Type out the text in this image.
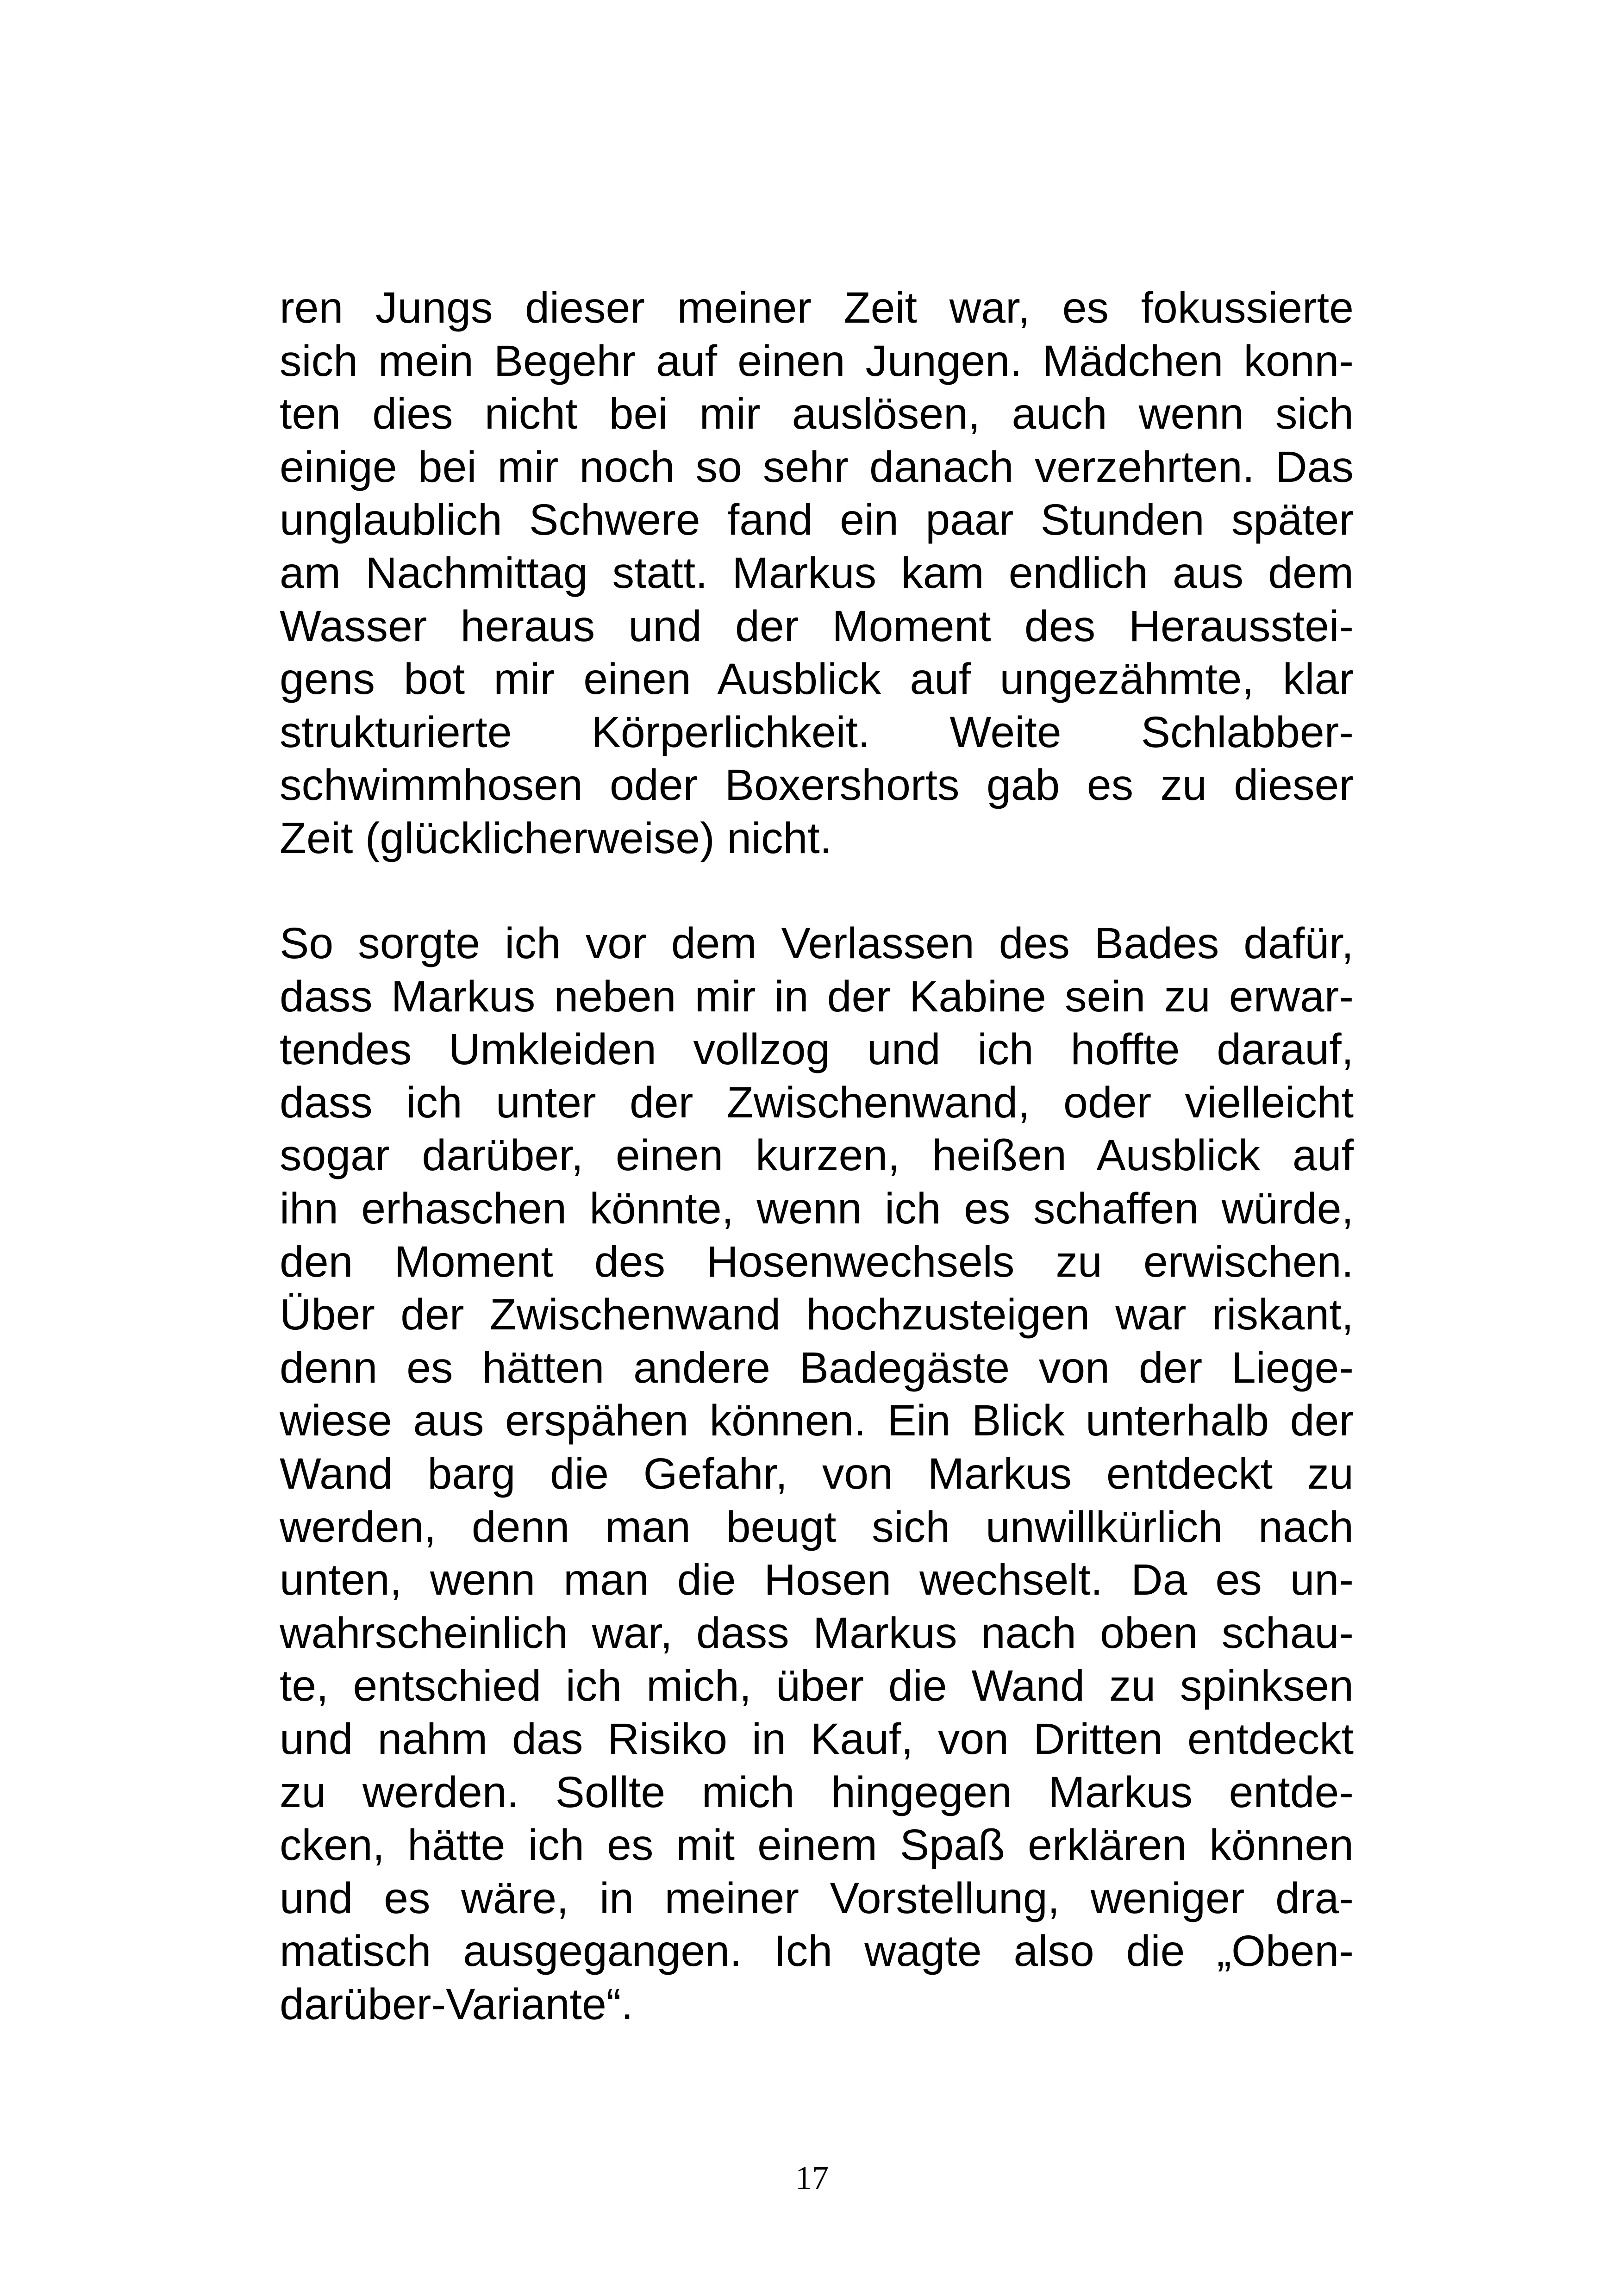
ren Jungs dieser meiner Zeit war, es fokussierte
sich mein Begehr auf einen Jungen. Mädchen konn-
ten dies nicht bei mir auslösen, auch wenn sich
einige bei mir noch so sehr danach verzehrten. Das
unglaublich Schwere fand ein paar Stunden später
am Nachmittag statt. Markus kam endlich aus dem
Wasser heraus und der Moment des Herausstei-
gens bot mir einen Ausblick auf ungezähmte, klar
strukturierte Körperlichkeit. Weite Schlabber-
schwimmhosen oder Boxershorts gab es zu dieser
Zeit (glücklicherweise) nicht.
So sorgte ich vor dem Verlassen des Bades dafür,
dass Markus neben mir in der Kabine sein zu erwar-
tendes Umkleiden vollzog und ich hoffte darauf,
dass ich unter der Zwischenwand, oder vielleicht
sogar darüber, einen kurzen, heißen Ausblick auf
ihn erhaschen könnte, wenn ich es schaffen würde,
den Moment des Hosenwechsels zu erwischen.
Über der Zwischenwand hochzusteigen war riskant,
denn es hätten andere Badegäste von der Liege-
wiese aus erspähen können. Ein Blick unterhalb der
Wand barg die Gefahr, von Markus entdeckt zu
werden, denn man beugt sich unwillkürlich nach
unten, wenn man die Hosen wechselt. Da es un-
wahrscheinlich war, dass Markus nach oben schau-
te, entschied ich mich, über die Wand zu spinksen
und nahm das Risiko in Kauf, von Dritten entdeckt
zu werden. Sollte mich hingegen Markus entde-
cken, hätte ich es mit einem Spaß erklären können
und es wäre, in meiner Vorstellung, weniger dra-
matisch ausgegangen. Ich wagte also die „Oben-
darüber-Variante“.
17
